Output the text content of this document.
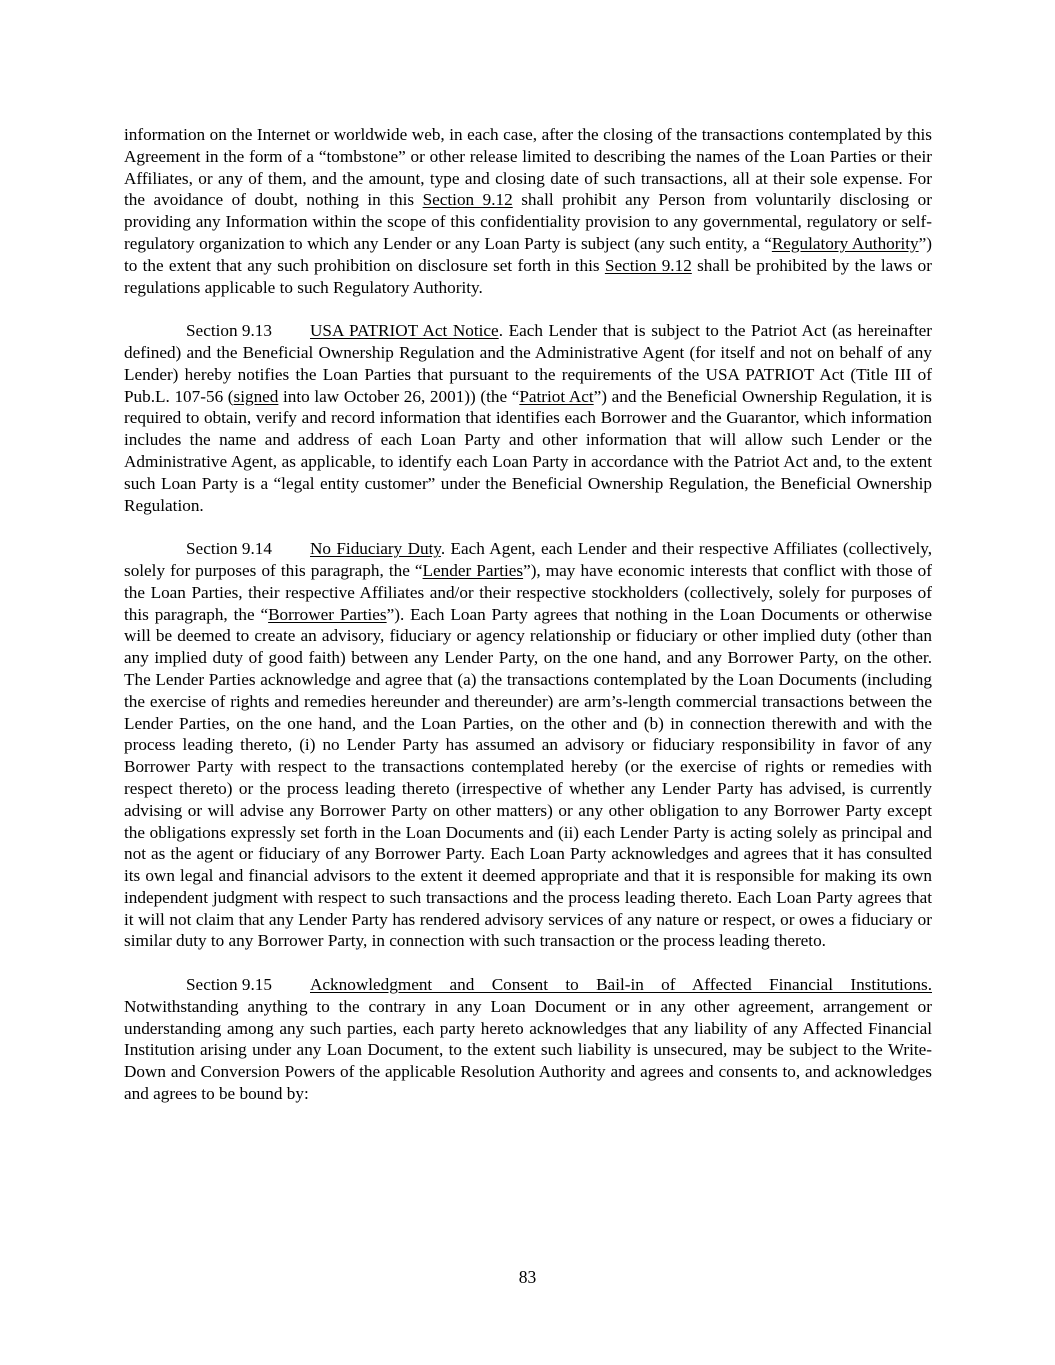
information on the Internet or worldwide web, in each case, after the closing of the transactions contemplated by this Agreement in the form of a “tombstone” or other release limited to describing the names of the Loan Parties or their Affiliates, or any of them, and the amount, type and closing date of such transactions, all at their sole expense. For the avoidance of doubt, nothing in this Section 9.12 shall prohibit any Person from voluntarily disclosing or providing any Information within the scope of this confidentiality provision to any governmental, regulatory or self-regulatory organization to which any Lender or any Loan Party is subject (any such entity, a “Regulatory Authority”) to the extent that any such prohibition on disclosure set forth in this Section 9.12 shall be prohibited by the laws or regulations applicable to such Regulatory Authority.

Section 9.13 USA PATRIOT Act Notice. Each Lender that is subject to the Patriot Act (as hereinafter defined) and the Beneficial Ownership Regulation and the Administrative Agent (for itself and not on behalf of any Lender) hereby notifies the Loan Parties that pursuant to the requirements of the USA PATRIOT Act (Title III of Pub.L. 107-56 (signed into law October 26, 2001)) (the “Patriot Act”) and the Beneficial Ownership Regulation, it is required to obtain, verify and record information that identifies each Borrower and the Guarantor, which information includes the name and address of each Loan Party and other information that will allow such Lender or the Administrative Agent, as applicable, to identify each Loan Party in accordance with the Patriot Act and, to the extent such Loan Party is a “legal entity customer” under the Beneficial Ownership Regulation, the Beneficial Ownership Regulation.

Section 9.14 No Fiduciary Duty. Each Agent, each Lender and their respective Affiliates (collectively, solely for purposes of this paragraph, the “Lender Parties”), may have economic interests that conflict with those of the Loan Parties, their respective Affiliates and/or their respective stockholders (collectively, solely for purposes of this paragraph, the “Borrower Parties”). Each Loan Party agrees that nothing in the Loan Documents or otherwise will be deemed to create an advisory, fiduciary or agency relationship or fiduciary or other implied duty (other than any implied duty of good faith) between any Lender Party, on the one hand, and any Borrower Party, on the other. The Lender Parties acknowledge and agree that (a) the transactions contemplated by the Loan Documents (including the exercise of rights and remedies hereunder and thereunder) are arm’s-length commercial transactions between the Lender Parties, on the one hand, and the Loan Parties, on the other and (b) in connection therewith and with the process leading thereto, (i) no Lender Party has assumed an advisory or fiduciary responsibility in favor of any Borrower Party with respect to the transactions contemplated hereby (or the exercise of rights or remedies with respect thereto) or the process leading thereto (irrespective of whether any Lender Party has advised, is currently advising or will advise any Borrower Party on other matters) or any other obligation to any Borrower Party except the obligations expressly set forth in the Loan Documents and (ii) each Lender Party is acting solely as principal and not as the agent or fiduciary of any Borrower Party. Each Loan Party acknowledges and agrees that it has consulted its own legal and financial advisors to the extent it deemed appropriate and that it is responsible for making its own independent judgment with respect to such transactions and the process leading thereto. Each Loan Party agrees that it will not claim that any Lender Party has rendered advisory services of any nature or respect, or owes a fiduciary or similar duty to any Borrower Party, in connection with such transaction or the process leading thereto.

Section 9.15 Acknowledgment and Consent to Bail-in of Affected Financial Institutions. Notwithstanding anything to the contrary in any Loan Document or in any other agreement, arrangement or understanding among any such parties, each party hereto acknowledges that any liability of any Affected Financial Institution arising under any Loan Document, to the extent such liability is unsecured, may be subject to the Write-Down and Conversion Powers of the applicable Resolution Authority and agrees and consents to, and acknowledges and agrees to be bound by:

83
